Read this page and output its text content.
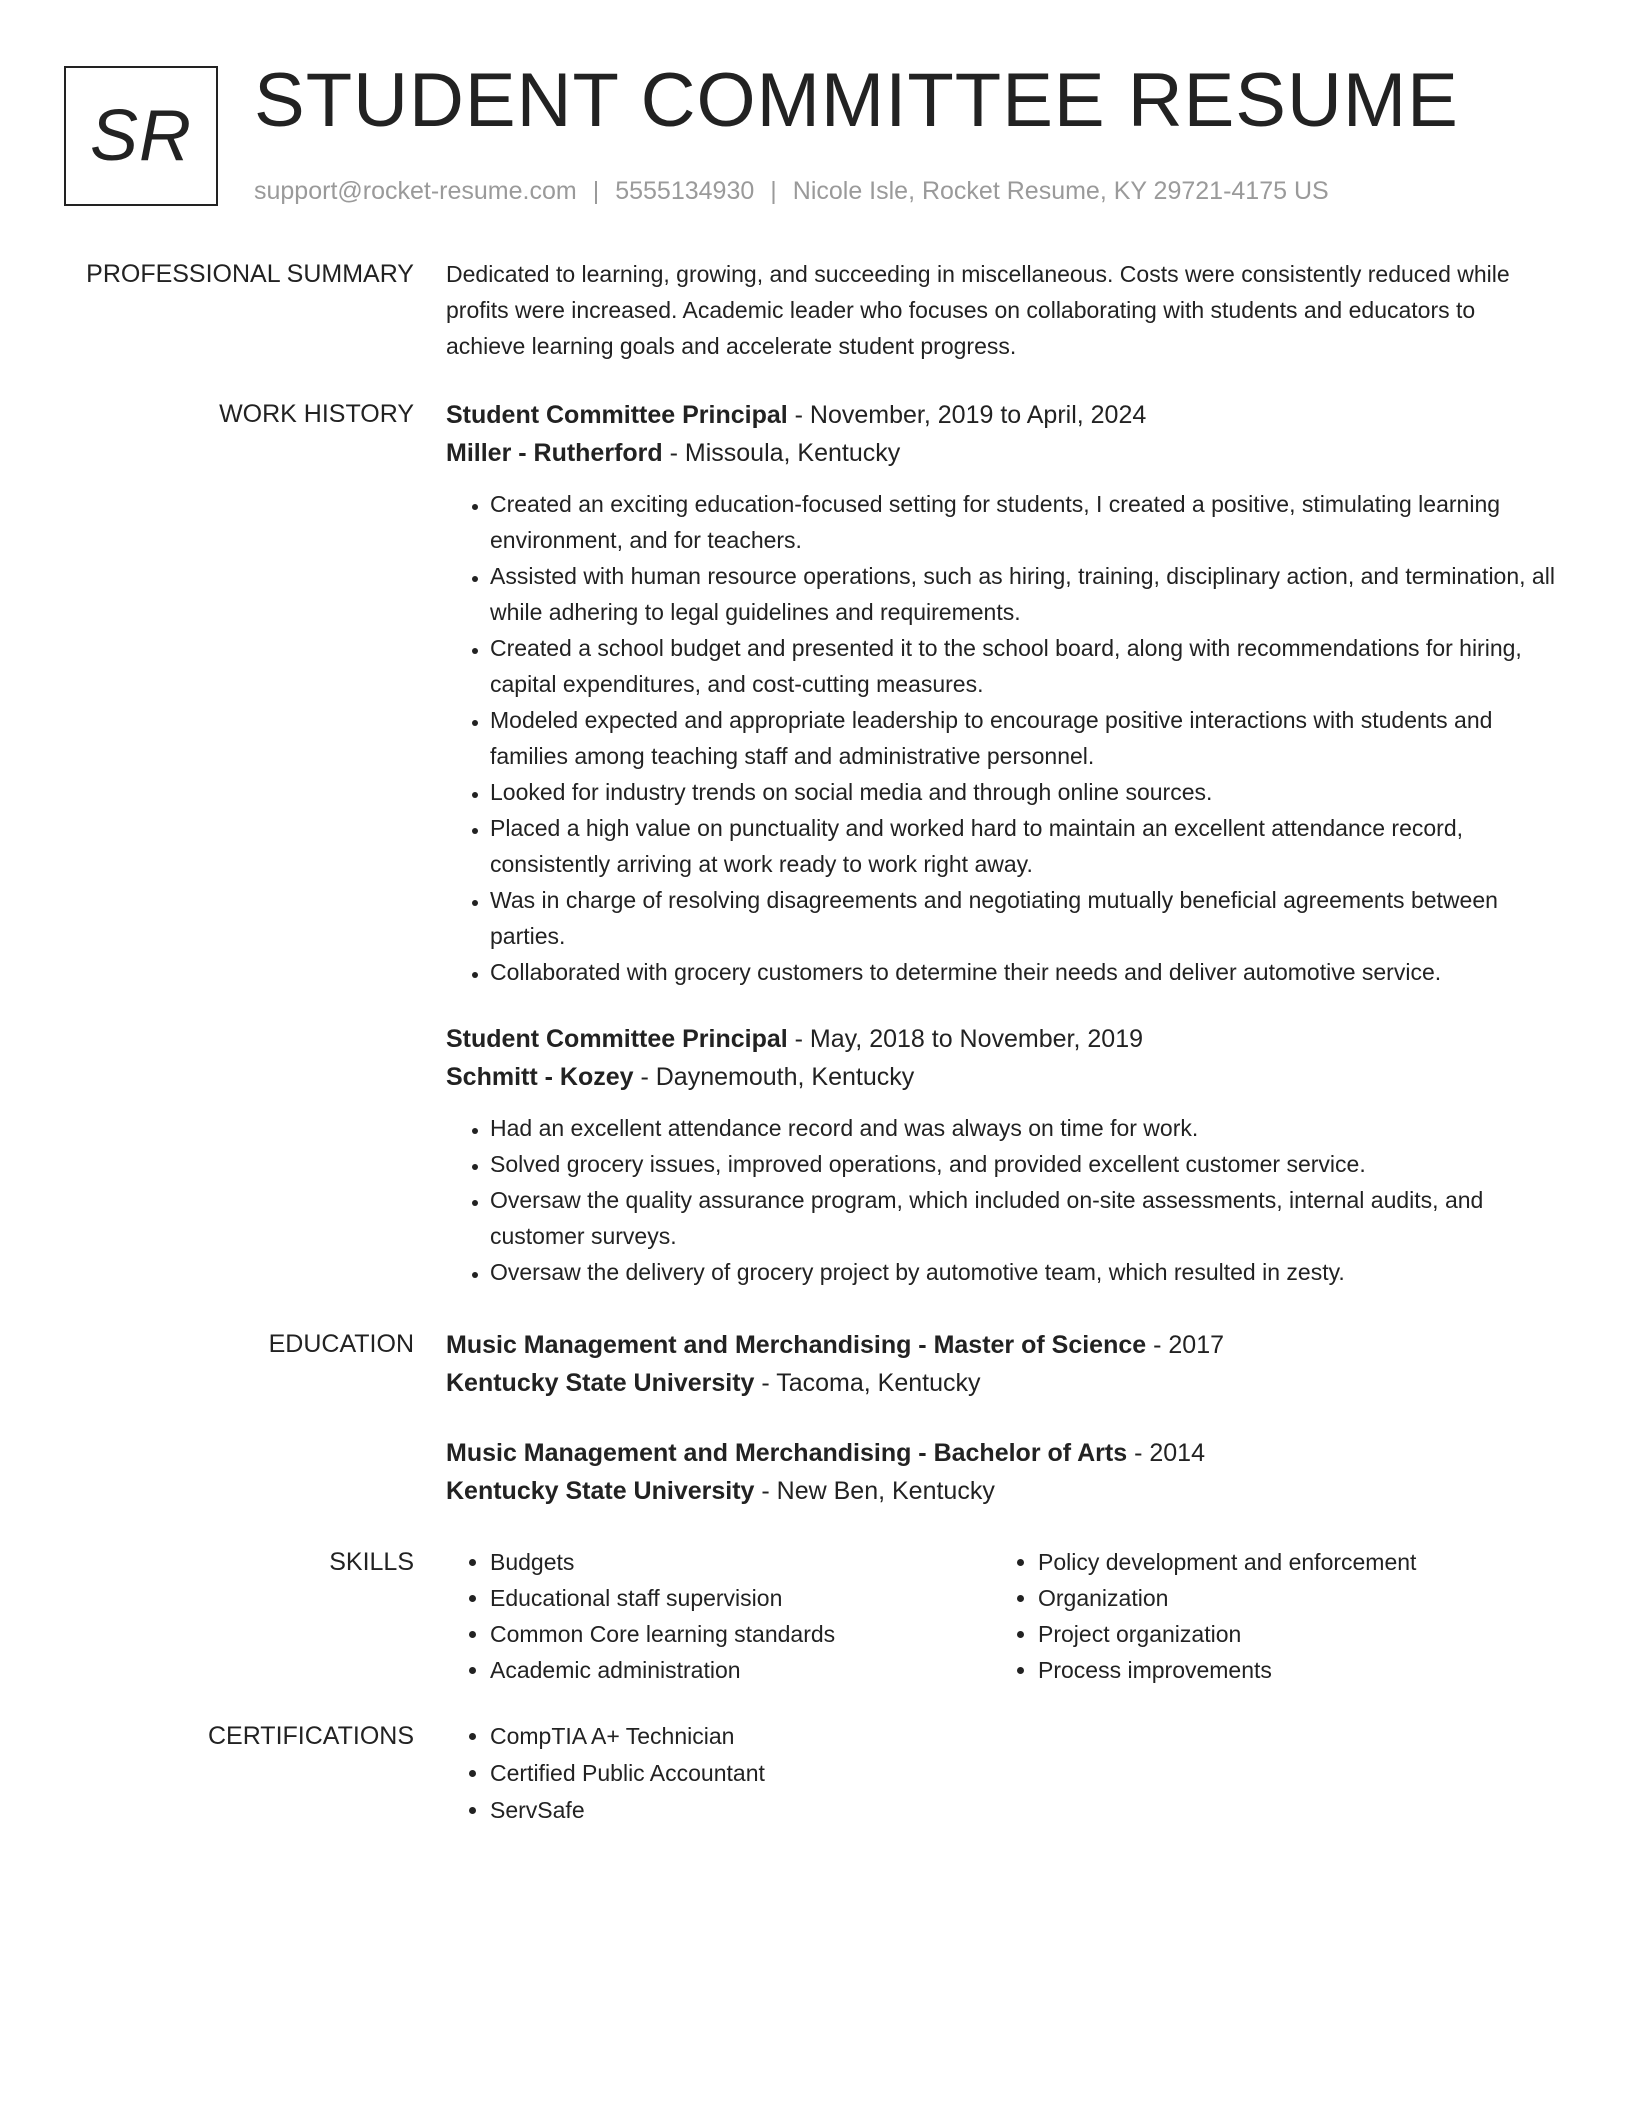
SR STUDENT COMMITTEE RESUME
support@rocket-resume.com | 5555134930 | Nicole Isle, Rocket Resume, KY 29721-4175 US
PROFESSIONAL SUMMARY Dedicated to learning, growing, and succeeding in miscellaneous. Costs were consistently reduced while profits were increased. Academic leader who focuses on collaborating with students and educators to achieve learning goals and accelerate student progress.

WORK HISTORY Student Committee Principal - November, 2019 to April, 2024
Miller - Rutherford - Missoula, Kentucky
• Created an exciting education-focused setting for students, I created a positive, stimulating learning environment, and for teachers.
• Assisted with human resource operations, such as hiring, training, disciplinary action, and termination, all while adhering to legal guidelines and requirements.
• Created a school budget and presented it to the school board, along with recommendations for hiring, capital expenditures, and cost-cutting measures.
• Modeled expected and appropriate leadership to encourage positive interactions with students and families among teaching staff and administrative personnel.
• Looked for industry trends on social media and through online sources.
• Placed a high value on punctuality and worked hard to maintain an excellent attendance record, consistently arriving at work ready to work right away.
• Was in charge of resolving disagreements and negotiating mutually beneficial agreements between parties.
• Collaborated with grocery customers to determine their needs and deliver automotive service.
Student Committee Principal - May, 2018 to November, 2019
Schmitt - Kozey - Daynemouth, Kentucky
• Had an excellent attendance record and was always on time for work.
• Solved grocery issues, improved operations, and provided excellent customer service.
• Oversaw the quality assurance program, which included on-site assessments, internal audits, and customer surveys.
• Oversaw the delivery of grocery project by automotive team, which resulted in zesty.
EDUCATION Music Management and Merchandising - Master of Science - 2017
Kentucky State University - Tacoma, Kentucky
Music Management and Merchandising - Bachelor of Arts - 2014
Kentucky State University - New Ben, Kentucky
SKILLS	• Budgets
• Educational staff supervision
• Common Core learning standards
• Academic administration
• Policy development and enforcement
• Organization
• Project organization
• Process improvements
CERTIFICATIONS	• CompTIA A+ Technician
• Certified Public Accountant
• ServSafe
